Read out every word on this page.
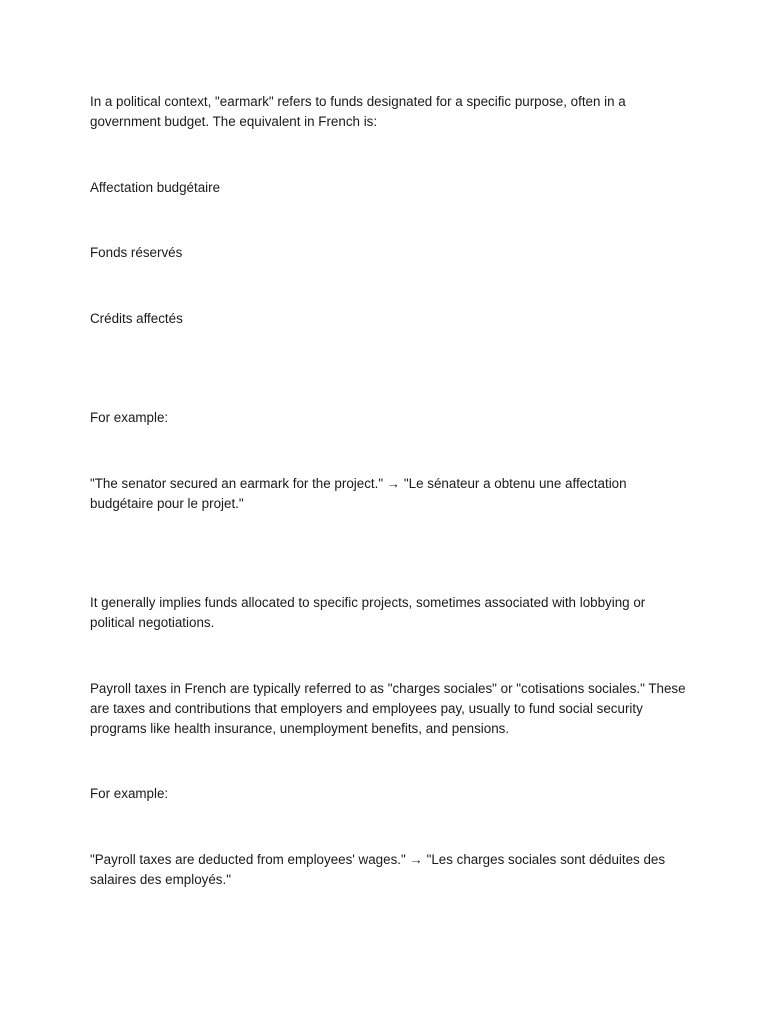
In a political context, "earmark" refers to funds designated for a specific purpose, often in a government budget. The equivalent in French is:

Affectation budgétaire

Fonds réservés

Crédits affectés

For example:

"The senator secured an earmark for the project." → "Le sénateur a obtenu une affectation budgétaire pour le projet."

It generally implies funds allocated to specific projects, sometimes associated with lobbying or political negotiations.

Payroll taxes in French are typically referred to as "charges sociales" or "cotisations sociales." These are taxes and contributions that employers and employees pay, usually to fund social security programs like health insurance, unemployment benefits, and pensions.

For example:

"Payroll taxes are deducted from employees' wages." → "Les charges sociales sont déduites des salaires des employés."
